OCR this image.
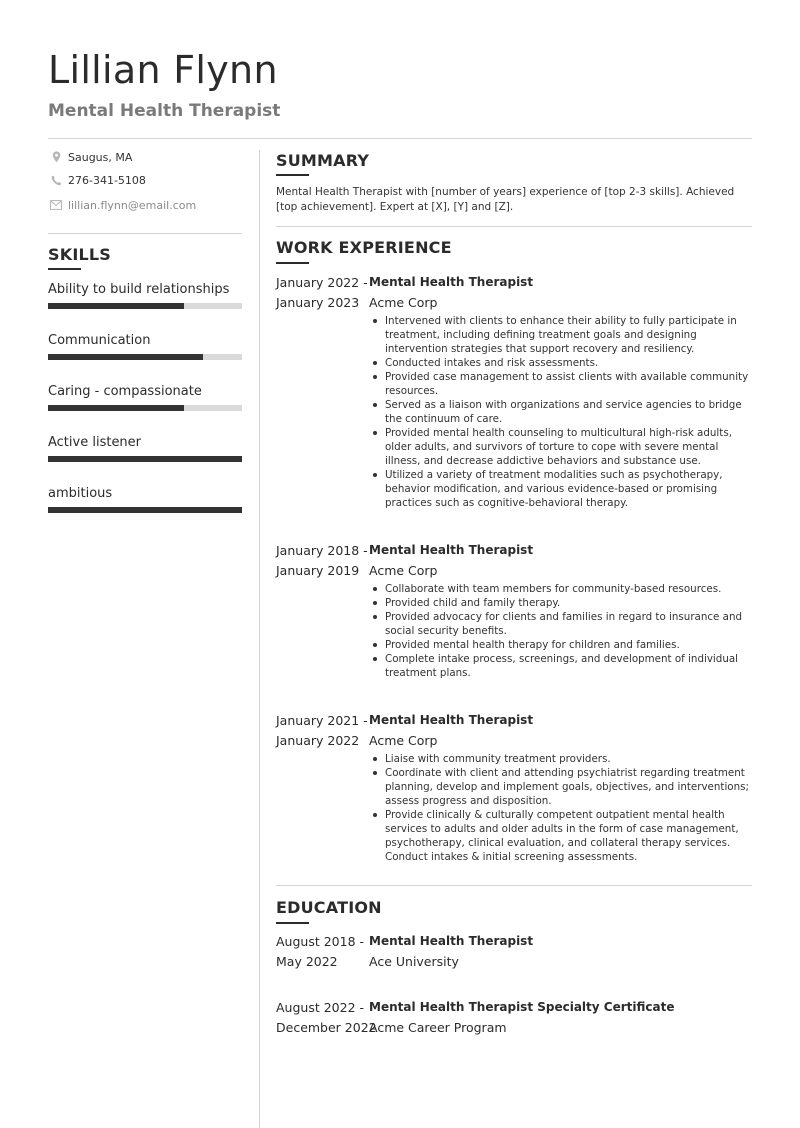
Lillian Flynn
Mental Health Therapist
Saugus, MA
276-341-5108
lillian.flynn@email.com
SKILLS
Ability to build relationships
Communication
Caring - compassionate
Active listener
ambitious
SUMMARY

Mental Health Therapist with [number of years] experience of [top 2-3 skills]. Achieved [top achievement]. Expert at [X], [Y] and [Z].

WORK EXPERIENCE
January 2022 -
January 2023
Mental Health Therapist
Acme Corp
Intervened with clients to enhance their ability to fully participate in treatment, including defining treatment goals and designing intervention strategies that support recovery and resiliency.
Conducted intakes and risk assessments.
Provided case management to assist clients with available community resources.
Served as a liaison with organizations and service agencies to bridge the continuum of care.
Provided mental health counseling to multicultural high-risk adults, older adults, and survivors of torture to cope with severe mental illness, and decrease addictive behaviors and substance use.
Utilized a variety of treatment modalities such as psychotherapy, behavior modification, and various evidence-based or promising practices such as cognitive-behavioral therapy.
January 2018 -
January 2019
Mental Health Therapist
Acme Corp
Collaborate with team members for community-based resources.
Provided child and family therapy.
Provided advocacy for clients and families in regard to insurance and social security benefits.
Provided mental health therapy for children and families.
Complete intake process, screenings, and development of individual treatment plans.
January 2021 -
January 2022
Mental Health Therapist
Acme Corp
Liaise with community treatment providers.
Coordinate with client and attending psychiatrist regarding treatment planning, develop and implement goals, objectives, and interventions; assess progress and disposition.
Provide clinically & culturally competent outpatient mental health services to adults and older adults in the form of case management, psychotherapy, clinical evaluation, and collateral therapy services. Conduct intakes & initial screening assessments.
EDUCATION
August 2018 -
May 2022
Mental Health Therapist
Ace University
August 2022 -
December 2022
Mental Health Therapist Specialty Certificate
Acme Career Program
